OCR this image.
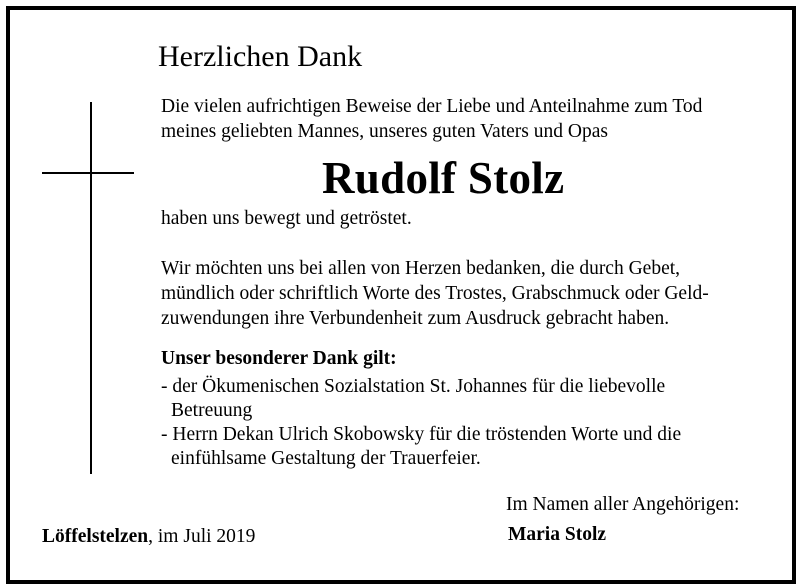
Herzlichen Dank
Die vielen aufrichtigen Beweise der Liebe und Anteilnahme zum Tod
meines geliebten Mannes, unseres guten Vaters und Opas
Rudolf Stolz
haben uns bewegt und getröstet.
Wir möchten uns bei allen von Herzen bedanken, die durch Gebet,
mündlich oder schriftlich Worte des Trostes, Grabschmuck oder Geld-
zuwendungen ihre Verbundenheit zum Ausdruck gebracht haben.
Unser besonderer Dank gilt:
- der Ökumenischen Sozialstation St. Johannes für die liebevolle
Betreuung
- Herrn Dekan Ulrich Skobowsky für die tröstenden Worte und die
einfühlsame Gestaltung der Trauerfeier.
Im Namen aller Angehörigen:
Maria Stolz
Löffelstelzen, im Juli 2019
